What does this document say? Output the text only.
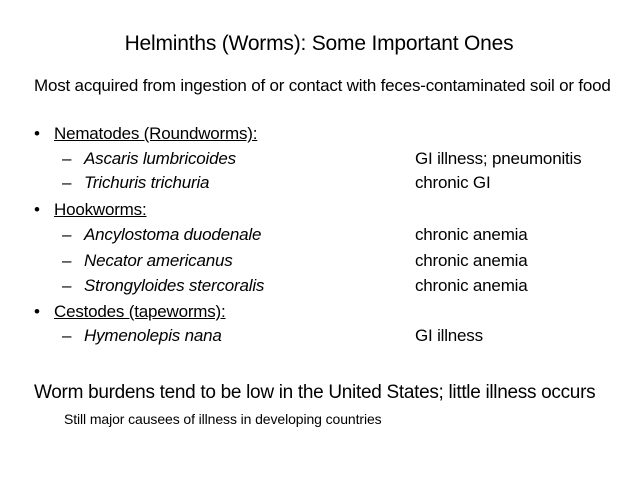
Helminths (Worms): Some Important Ones
Most acquired from ingestion of or contact with feces-contaminated soil or food
• Nematodes (Roundworms):
– Ascaris lumbricoides	GI illness; pneumonitis
– Trichuris trichuria	chronic GI
• Hookworms:
– Ancylostoma duodenale	chronic anemia
– Necator americanus	chronic anemia
– Strongyloides stercoralis	chronic anemia
• Cestodes (tapeworms):
– Hymenolepis nana	GI illness
Worm burdens tend to be low in the United States; little illness occurs
Still major causees of illness in developing countries
